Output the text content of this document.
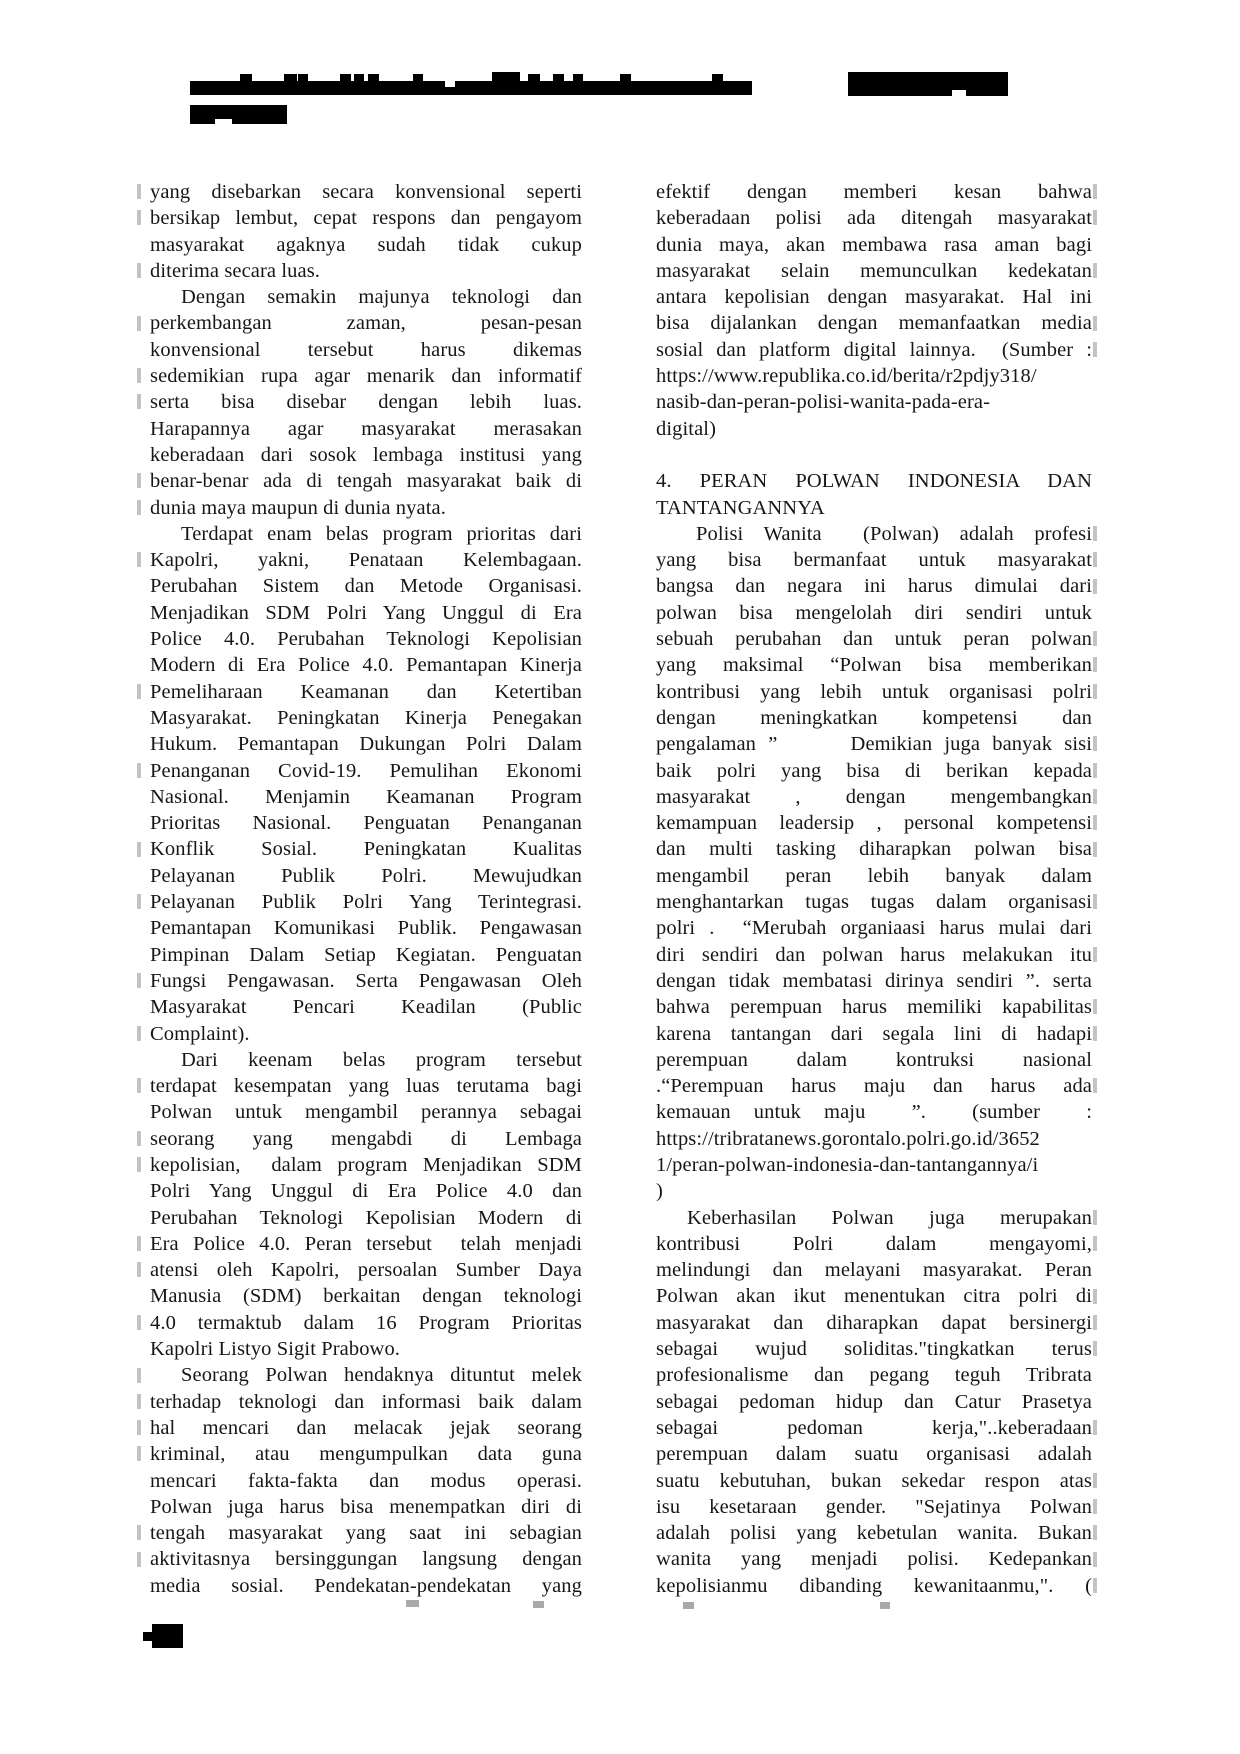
yang disebarkan secara konvensional seperti
bersikap lembut, cepat respons dan pengayom
masyarakat agaknya sudah tidak cukup
diterima secara luas.
Dengan semakin majunya teknologi dan
perkembangan zaman, pesan-pesan
konvensional tersebut harus dikemas
sedemikian rupa agar menarik dan informatif
serta bisa disebar dengan lebih luas.
Harapannya agar masyarakat merasakan
keberadaan dari sosok lembaga institusi yang
benar-benar ada di tengah masyarakat baik di
dunia maya maupun di dunia nyata.
Terdapat enam belas program prioritas dari
Kapolri, yakni, Penataan Kelembagaan.
Perubahan Sistem dan Metode Organisasi.
Menjadikan SDM Polri Yang Unggul di Era
Police 4.0. Perubahan Teknologi Kepolisian
Modern di Era Police 4.0. Pemantapan Kinerja
Pemeliharaan Keamanan dan Ketertiban
Masyarakat. Peningkatan Kinerja Penegakan
Hukum. Pemantapan Dukungan Polri Dalam
Penanganan Covid-19. Pemulihan Ekonomi
Nasional. Menjamin Keamanan Program
Prioritas Nasional. Penguatan Penanganan
Konflik Sosial. Peningkatan Kualitas
Pelayanan Publik Polri. Mewujudkan
Pelayanan Publik Polri Yang Terintegrasi.
Pemantapan Komunikasi Publik. Pengawasan
Pimpinan Dalam Setiap Kegiatan. Penguatan
Fungsi Pengawasan. Serta Pengawasan Oleh
Masyarakat Pencari Keadilan (Public
Complaint).
Dari keenam belas program tersebut
terdapat kesempatan yang luas terutama bagi
Polwan untuk mengambil perannya sebagai
seorang yang mengabdi di Lembaga
kepolisian,  dalam program Menjadikan SDM
Polri Yang Unggul di Era Police 4.0 dan
Perubahan Teknologi Kepolisian Modern di
Era Police 4.0. Peran tersebut  telah menjadi
atensi oleh Kapolri, persoalan Sumber Daya
Manusia (SDM) berkaitan dengan teknologi
4.0 termaktub dalam 16 Program Prioritas
Kapolri Listyo Sigit Prabowo.
Seorang Polwan hendaknya dituntut melek
terhadap teknologi dan informasi baik dalam
hal mencari dan melacak jejak seorang
kriminal, atau mengumpulkan data guna
mencari fakta-fakta dan modus operasi.
Polwan juga harus bisa menempatkan diri di
tengah masyarakat yang saat ini sebagian
aktivitasnya bersinggungan langsung dengan
media sosial. Pendekatan-pendekatan yang
efektif dengan memberi kesan bahwa
keberadaan polisi ada ditengah masyarakat
dunia maya, akan membawa rasa aman bagi
masyarakat selain memunculkan kedekatan
antara kepolisian dengan masyarakat. Hal ini
bisa dijalankan dengan memanfaatkan media
sosial dan platform digital lainnya.  (Sumber :
https://www.republika.co.id/berita/r2pdjy318/
nasib-dan-peran-polisi-wanita-pada-era-
digital)
4. PERAN POLWAN INDONESIA DAN
TANTANGANNYA
Polisi Wanita  (Polwan) adalah profesi
yang bisa bermanfaat untuk masyarakat
bangsa dan negara ini harus dimulai dari
polwan bisa mengelolah diri sendiri untuk
sebuah perubahan dan untuk peran polwan
yang maksimal “Polwan bisa memberikan
kontribusi yang lebih untuk organisasi polri
dengan meningkatkan kompetensi dan
pengalaman ”      Demikian juga banyak sisi
baik polri yang bisa di berikan kepada
masyarakat , dengan mengembangkan
kemampuan leadersip , personal kompetensi
dan multi tasking diharapkan polwan bisa
mengambil peran lebih banyak dalam
menghantarkan tugas tugas dalam organisasi
polri .  “Merubah organiaasi harus mulai dari
diri sendiri dan polwan harus melakukan itu
dengan tidak membatasi dirinya sendiri ”. serta
bahwa perempuan harus memiliki kapabilitas
karena tantangan dari segala lini di hadapi
perempuan dalam kontruksi nasional
.“Perempuan harus maju dan harus ada
kemauan untuk maju  ”.  (sumber  :
https://tribratanews.gorontalo.polri.go.id/3652
1/peran-polwan-indonesia-dan-tantangannya/i
)
Keberhasilan Polwan juga merupakan
kontribusi Polri dalam mengayomi,
melindungi dan melayani masyarakat. Peran
Polwan akan ikut menentukan citra polri di
masyarakat dan diharapkan dapat bersinergi
sebagai wujud soliditas."tingkatkan terus
profesionalisme dan pegang teguh Tribrata
sebagai pedoman hidup dan Catur Prasetya
sebagai pedoman kerja,"..keberadaan
perempuan dalam suatu organisasi adalah
suatu kebutuhan, bukan sekedar respon atas
isu kesetaraan gender. "Sejatinya Polwan
adalah polisi yang kebetulan wanita. Bukan
wanita yang menjadi polisi. Kedepankan
kepolisianmu dibanding kewanitaanmu,". (
